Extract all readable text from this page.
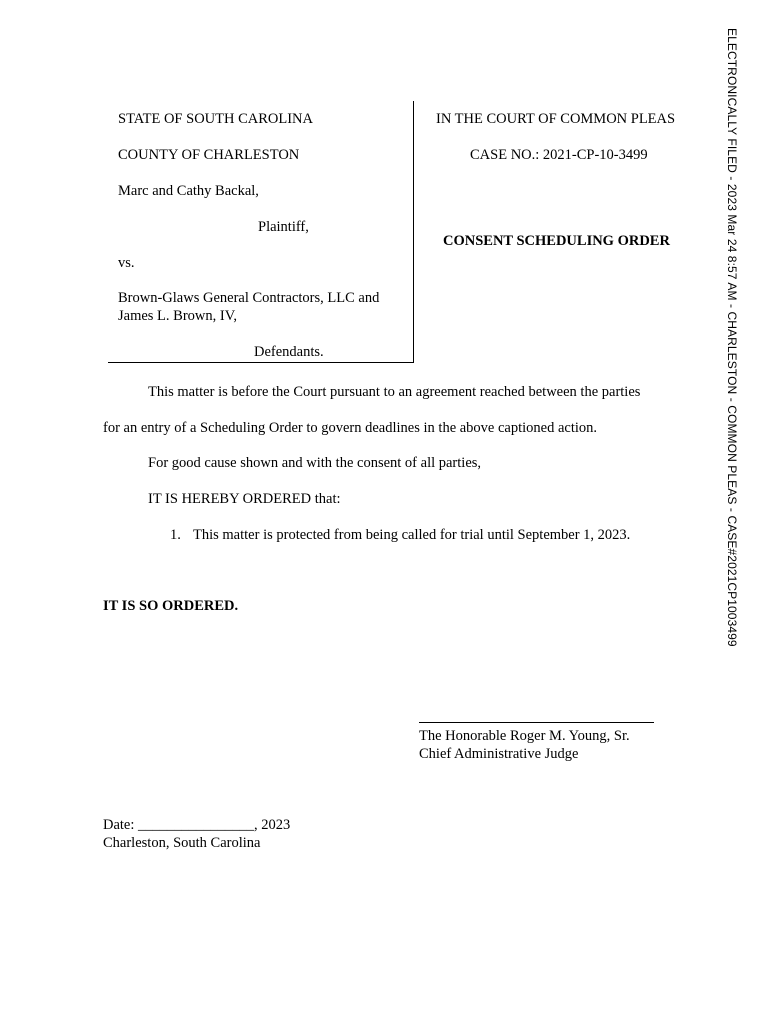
ELECTRONICALLY FILED - 2023 Mar 24 8:57 AM - CHARLESTON - COMMON PLEAS - CASE#2021CP1003499
STATE OF SOUTH CAROLINA
COUNTY OF CHARLESTON
Marc and Cathy Backal,
Plaintiff,
vs.
Brown-Glaws General Contractors, LLC and
James L. Brown, IV,
Defendants.
IN THE COURT OF COMMON PLEAS
CASE NO.: 2021-CP-10-3499
CONSENT SCHEDULING ORDER
This matter is before the Court pursuant to an agreement reached between the parties
for an entry of a Scheduling Order to govern deadlines in the above captioned action.
For good cause shown and with the consent of all parties,
IT IS HEREBY ORDERED that:
1. This matter is protected from being called for trial until September 1, 2023.
IT IS SO ORDERED.
The Honorable Roger M. Young, Sr.
Chief Administrative Judge
Date: ________________, 2023
Charleston, South Carolina
